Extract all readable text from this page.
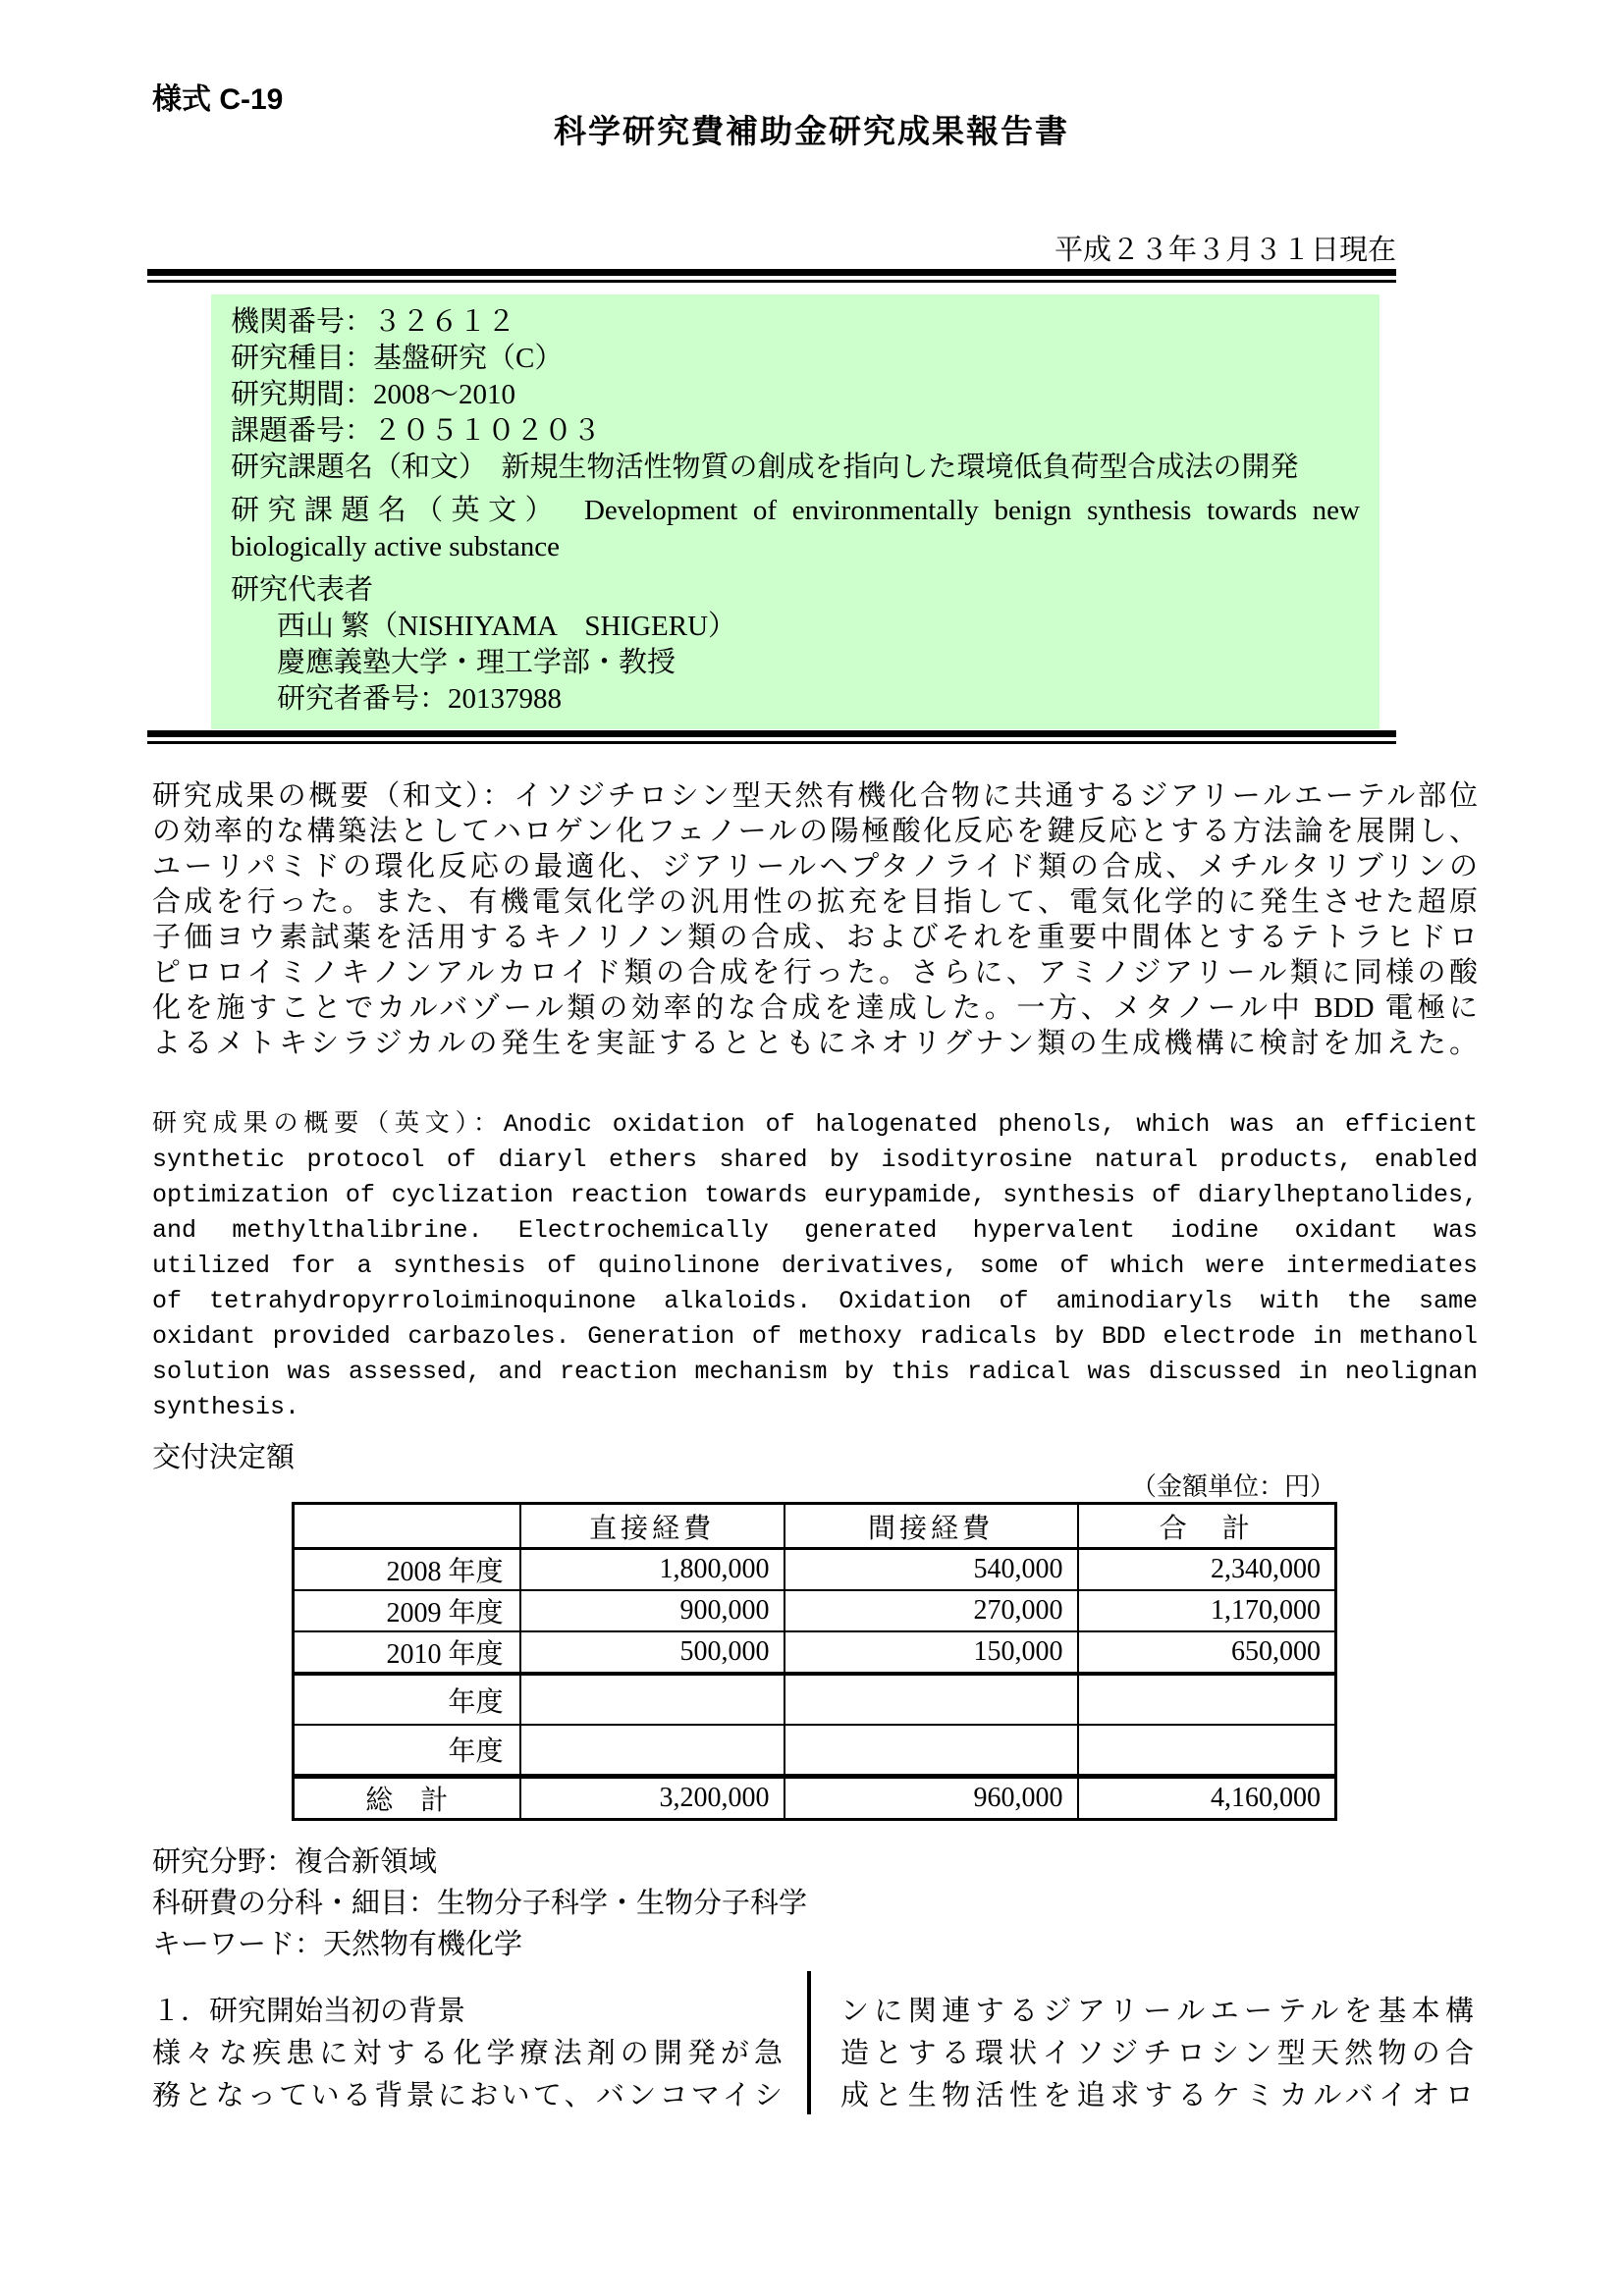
様式 C-19
科学研究費補助金研究成果報告書
平成２３年３月３１日現在
機関番号：３２６１２
研究種目：基盤研究（C）
研究期間：2008～2010
課題番号：２０５１０２０３
研究課題名（和文）　新規生物活性物質の創成を指向した環境低負荷型合成法の開発
研究課題名（英文）　Development of environmentally benign synthesis towards new
biologically active substance
研究代表者
西山 繁（NISHIYAMA　SHIGERU）
慶應義塾大学・理工学部・教授
研究者番号：20137988
研究成果の概要（和文）：イソジチロシン型天然有機化合物に共通するジアリールエーテル部位
の効率的な構築法としてハロゲン化フェノールの陽極酸化反応を鍵反応とする方法論を展開し、
ユーリパミドの環化反応の最適化、ジアリールヘプタノライド類の合成、メチルタリブリンの
合成を行った。また、有機電気化学の汎用性の拡充を目指して、電気化学的に発生させた超原
子価ヨウ素試薬を活用するキノリノン類の合成、およびそれを重要中間体とするテトラヒドロ
ピロロイミノキノンアルカロイド類の合成を行った。さらに、アミノジアリール類に同様の酸
化を施すことでカルバゾール類の効率的な合成を達成した。一方、メタノール中 BDD 電極に
よるメトキシラジカルの発生を実証するとともにネオリグナン類の生成機構に検討を加えた。
研究成果の概要（英文）：Anodic oxidation of halogenated phenols, which was an efficient
synthetic protocol of diaryl ethers shared by isodityrosine natural products, enabled
optimization of cyclization reaction towards eurypamide, synthesis of diarylheptanolides,
and methylthalibrine. Electrochemically generated hypervalent iodine oxidant was
utilized for a synthesis of quinolinone derivatives, some of which were intermediates
of tetrahydropyrroloiminoquinone alkaloids. Oxidation of aminodiaryls with the same
oxidant provided carbazoles. Generation of methoxy radicals by BDD electrode in methanol
solution was assessed, and reaction mechanism by this radical was discussed in neolignan
synthesis.
交付決定額
（金額単位：円）
	直接経費	間接経費	合　計
2008 年度	1,800,000	540,000	2,340,000
2009 年度	900,000	270,000	1,170,000
2010 年度	500,000	150,000	650,000
年度			
年度			
総　計	3,200,000	960,000	4,160,000
研究分野：複合新領域
科研費の分科・細目：生物分子科学・生物分子科学
キーワード：天然物有機化学
１．研究開始当初の背景
様々な疾患に対する化学療法剤の開発が急
務となっている背景において、バンコマイシ
ンに関連するジアリールエーテルを基本構
造とする環状イソジチロシン型天然物の合
成と生物活性を追求するケミカルバイオロ
